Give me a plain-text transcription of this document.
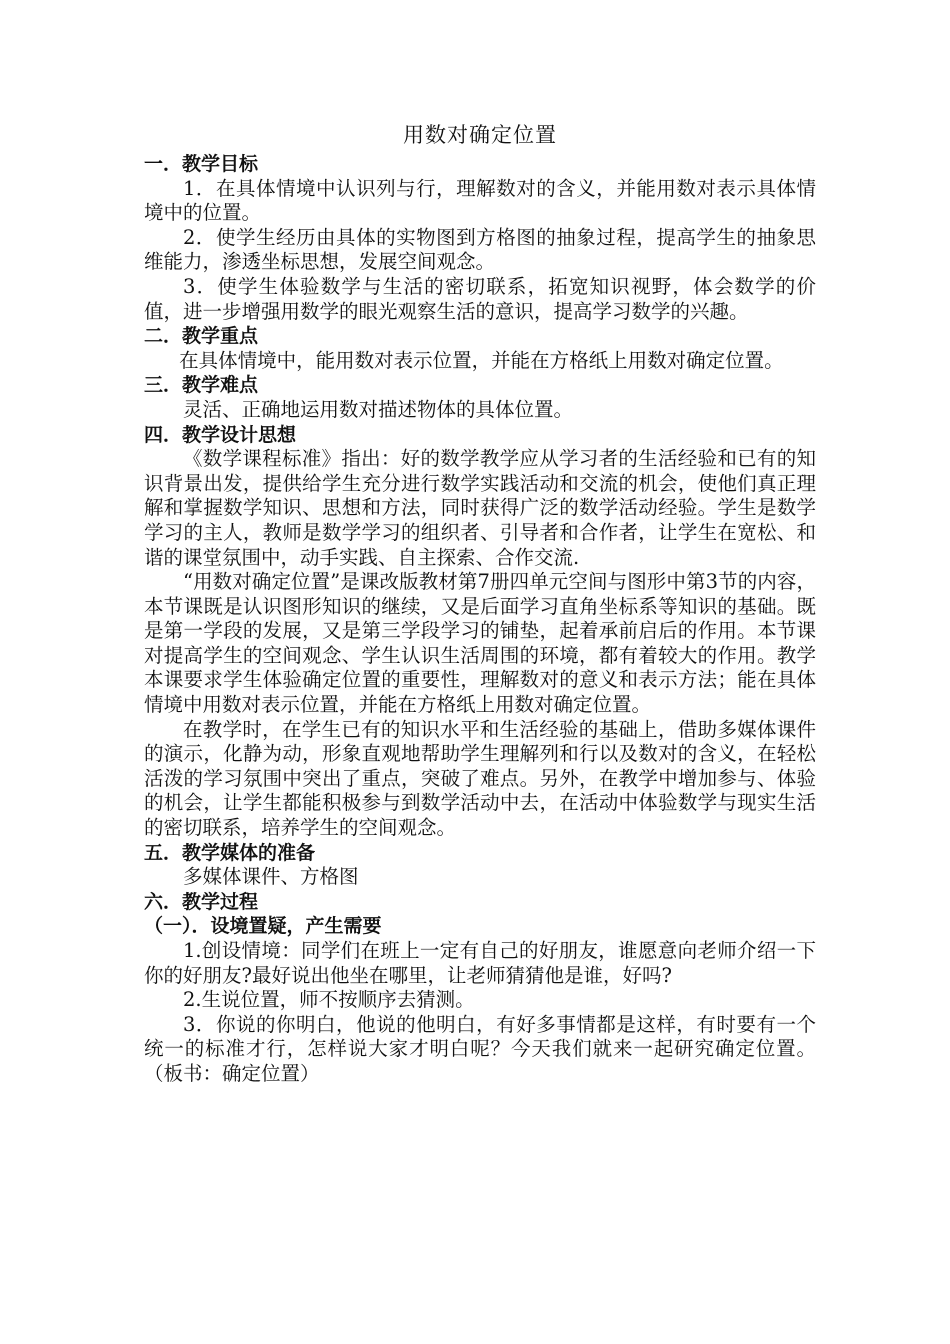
用数对确定位置
一．教学目标

1．在具体情境中认识列与行，理解数对的含义，并能用数对表示具体情境中的位置。

2．使学生经历由具体的实物图到方格图的抽象过程，提高学生的抽象思维能力，渗透坐标思想，发展空间观念。

3．使学生体验数学与生活的密切联系，拓宽知识视野，体会数学的价值，进一步增强用数学的眼光观察生活的意识，提高学习数学的兴趣。

二．教学重点

在具体情境中，能用数对表示位置，并能在方格纸上用数对确定位置。

三．教学难点

灵活、正确地运用数对描述物体的具体位置。

四．教学设计思想

《数学课程标准》指出：好的数学教学应从学习者的生活经验和已有的知识背景出发，提供给学生充分进行数学实践活动和交流的机会，使他们真正理解和掌握数学知识、思想和方法，同时获得广泛的数学活动经验。学生是数学学习的主人，教师是数学学习的组织者、引导者和合作者，让学生在宽松、和谐的课堂氛围中，动手实践、自主探索、合作交流.

“用数对确定位置”是课改版教材第7册四单元空间与图形中第3节的内容，本节课既是认识图形知识的继续，又是后面学习直角坐标系等知识的基础。既是第一学段的发展，又是第三学段学习的铺垫，起着承前启后的作用。本节课对提高学生的空间观念、学生认识生活周围的环境，都有着较大的作用。教学本课要求学生体验确定位置的重要性，理解数对的意义和表示方法；能在具体情境中用数对表示位置，并能在方格纸上用数对确定位置。

在教学时，在学生已有的知识水平和生活经验的基础上，借助多媒体课件的演示，化静为动，形象直观地帮助学生理解列和行以及数对的含义，在轻松活泼的学习氛围中突出了重点，突破了难点。另外，在教学中增加参与、体验的机会，让学生都能积极参与到数学活动中去，在活动中体验数学与现实生活的密切联系，培养学生的空间观念。

五．教学媒体的准备

多媒体课件、方格图

六．教学过程
（一）．设境置疑，产生需要

1.创设情境：同学们在班上一定有自己的好朋友，谁愿意向老师介绍一下你的好朋友?最好说出他坐在哪里，让老师猜猜他是谁，好吗?

2.生说位置，师不按顺序去猜测。

3．你说的你明白，他说的他明白，有好多事情都是这样，有时要有一个统一的标准才行，怎样说大家才明白呢？今天我们就来一起研究确定位置。（板书：确定位置）
